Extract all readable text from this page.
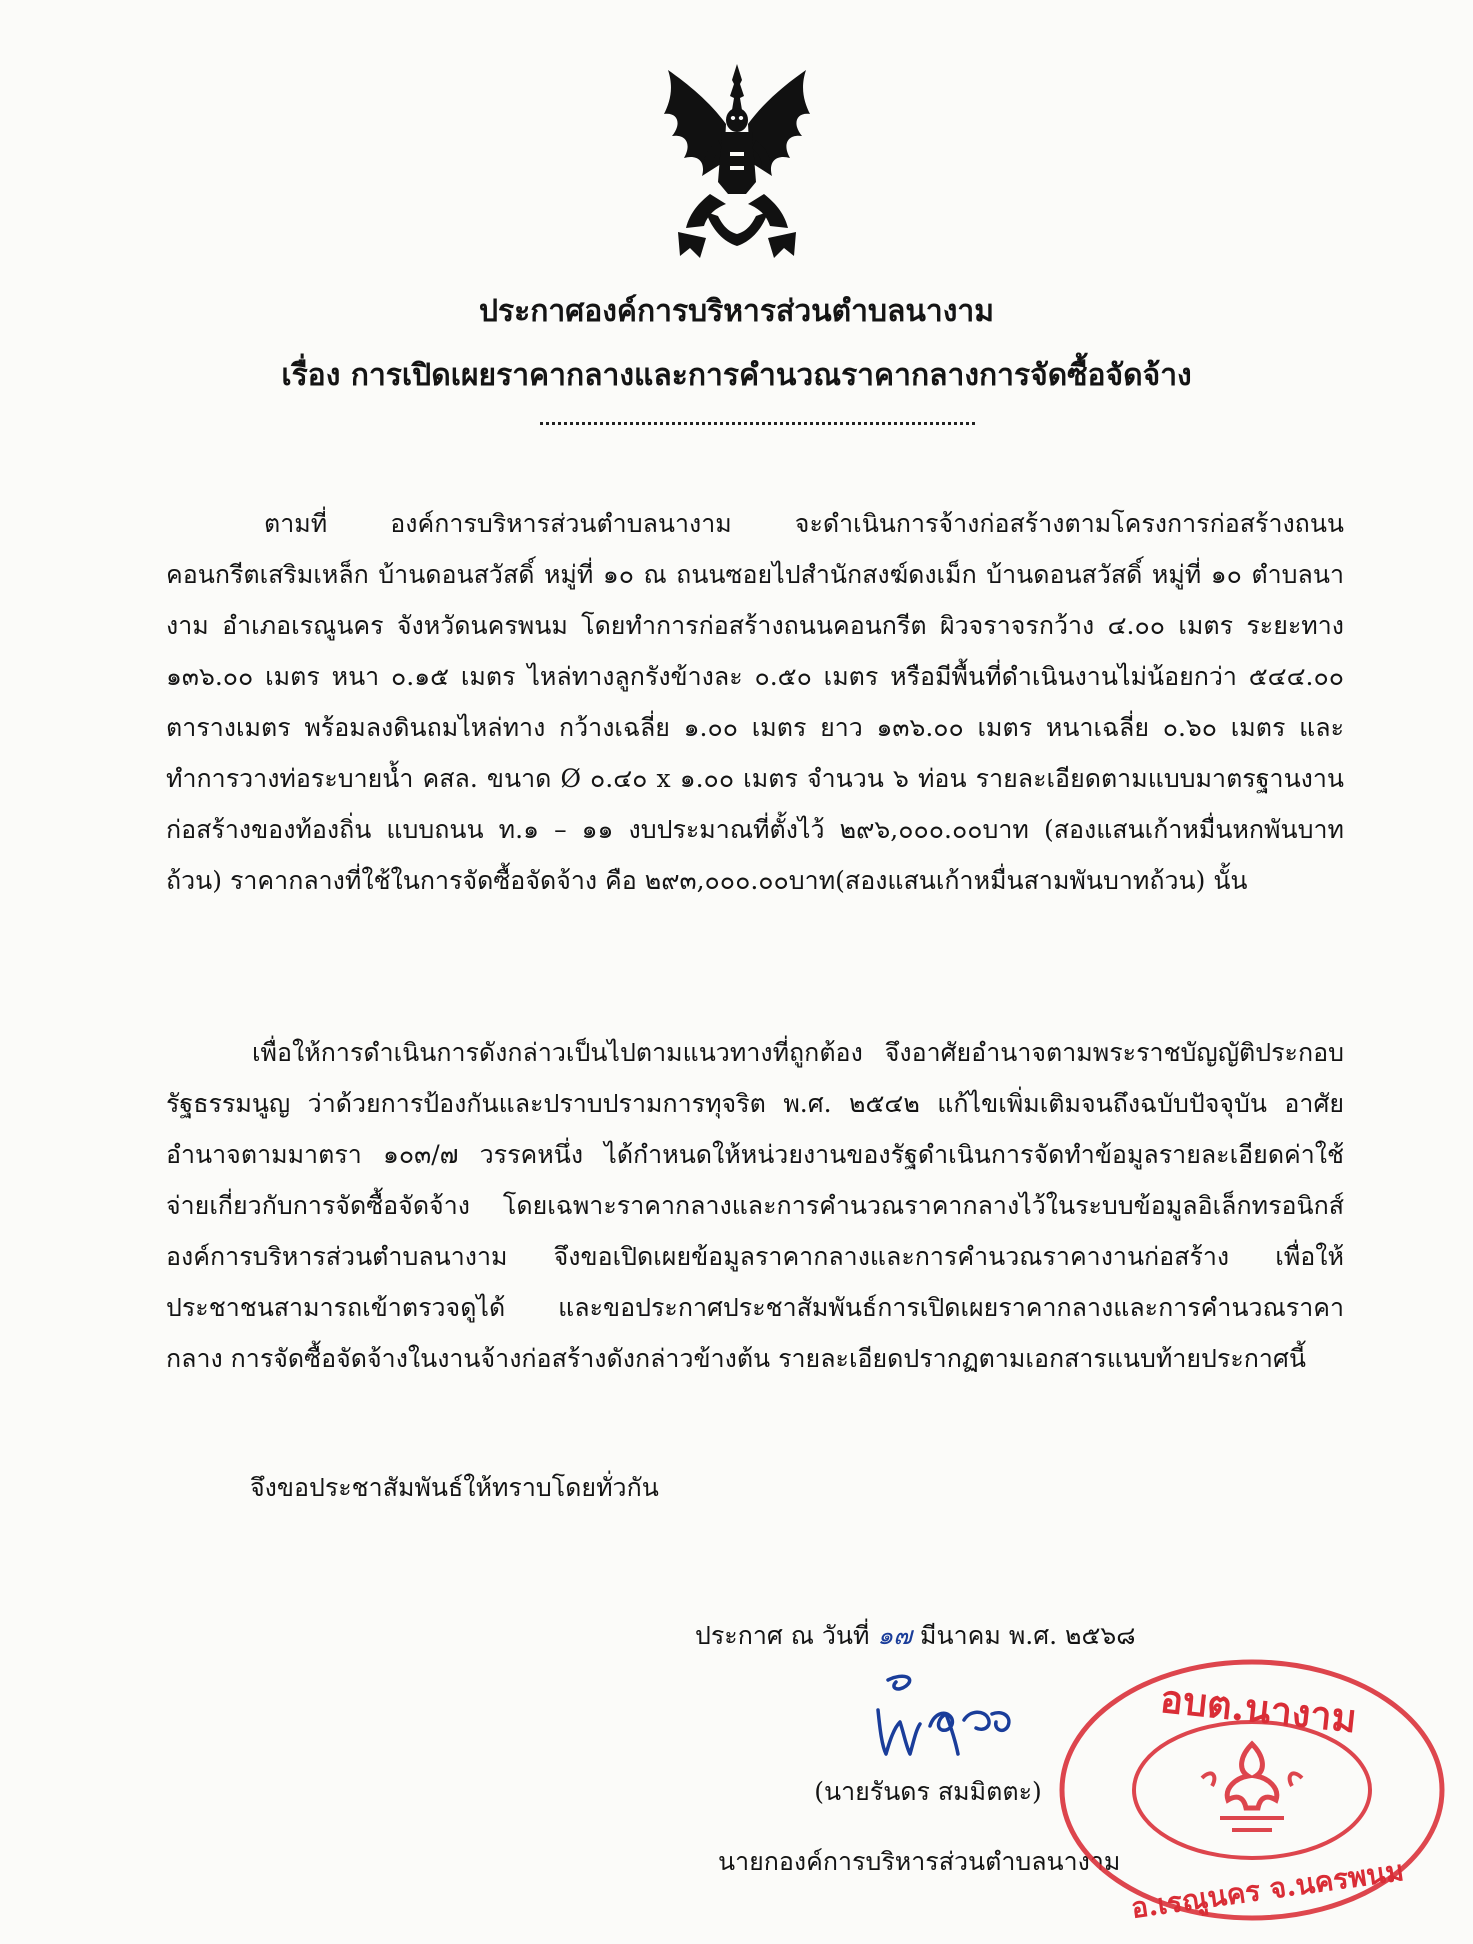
ประกาศองค์การบริหารส่วนตำบลนางาม
เรื่อง การเปิดเผยราคากลางและการคำนวณราคากลางการจัดซื้อจัดจ้าง
ตามที่ องค์การบริหารส่วนตำบลนางาม จะดำเนินการจ้างก่อสร้างตามโครงการก่อสร้างถนนคอนกรีตเสริมเหล็ก บ้านดอนสวัสดิ์ หมู่ที่ ๑๐ ณ ถนนซอยไปสำนักสงฆ์ดงเม็ก บ้านดอนสวัสดิ์ หมู่ที่ ๑๐ ตำบลนางาม อำเภอเรณูนคร จังหวัดนครพนม โดยทำการก่อสร้างถนนคอนกรีต ผิวจราจรกว้าง ๔.๐๐ เมตร ระยะทาง ๑๓๖.๐๐ เมตร หนา ๐.๑๕ เมตร ไหล่ทางลูกรังข้างละ ๐.๕๐ เมตร หรือมีพื้นที่ดำเนินงานไม่น้อยกว่า ๕๔๔.๐๐ ตารางเมตร พร้อมลงดินถมไหล่ทาง กว้างเฉลี่ย ๑.๐๐ เมตร ยาว ๑๓๖.๐๐ เมตร หนาเฉลี่ย ๐.๖๐ เมตร และทำการวางท่อระบายน้ำ คสล. ขนาด Ø ๐.๔๐ x ๑.๐๐ เมตร จำนวน ๖ ท่อน รายละเอียดตามแบบมาตรฐานงานก่อสร้างของท้องถิ่น แบบถนน ท.๑ – ๑๑ งบประมาณที่ตั้งไว้ ๒๙๖,๐๐๐.๐๐บาท (สองแสนเก้าหมื่นหกพันบาทถ้วน) ราคากลางที่ใช้ในการจัดซื้อจัดจ้าง คือ ๒๙๓,๐๐๐.๐๐บาท(สองแสนเก้าหมื่นสามพันบาทถ้วน) นั้น
เพื่อให้การดำเนินการดังกล่าวเป็นไปตามแนวทางที่ถูกต้อง จึงอาศัยอำนาจตามพระราชบัญญัติประกอบรัฐธรรมนูญ ว่าด้วยการป้องกันและปราบปรามการทุจริต พ.ศ. ๒๕๔๒ แก้ไขเพิ่มเติมจนถึงฉบับปัจจุบัน อาศัยอำนาจตามมาตรา ๑๐๓/๗ วรรคหนึ่ง ได้กำหนดให้หน่วยงานของรัฐดำเนินการจัดทำข้อมูลรายละเอียดค่าใช้จ่ายเกี่ยวกับการจัดซื้อจัดจ้าง โดยเฉพาะราคากลางและการคำนวณราคากลางไว้ในระบบข้อมูลอิเล็กทรอนิกส์ องค์การบริหารส่วนตำบลนางาม จึงขอเปิดเผยข้อมูลราคากลางและการคำนวณราคางานก่อสร้าง เพื่อให้ประชาชนสามารถเข้าตรวจดูได้ และขอประกาศประชาสัมพันธ์การเปิดเผยราคากลางและการคำนวณราคากลาง การจัดซื้อจัดจ้างในงานจ้างก่อสร้างดังกล่าวข้างต้น รายละเอียดปรากฏตามเอกสารแนบท้ายประกาศนี้
จึงขอประชาสัมพันธ์ให้ทราบโดยทั่วกัน
ประกาศ ณ วันที่ ๑๗ มีนาคม พ.ศ. ๒๕๖๘
(นายรันดร สมมิตตะ)
นายกองค์การบริหารส่วนตำบลนางาม
อบต.นางาม
อ.เรณูนคร จ.นครพนม
